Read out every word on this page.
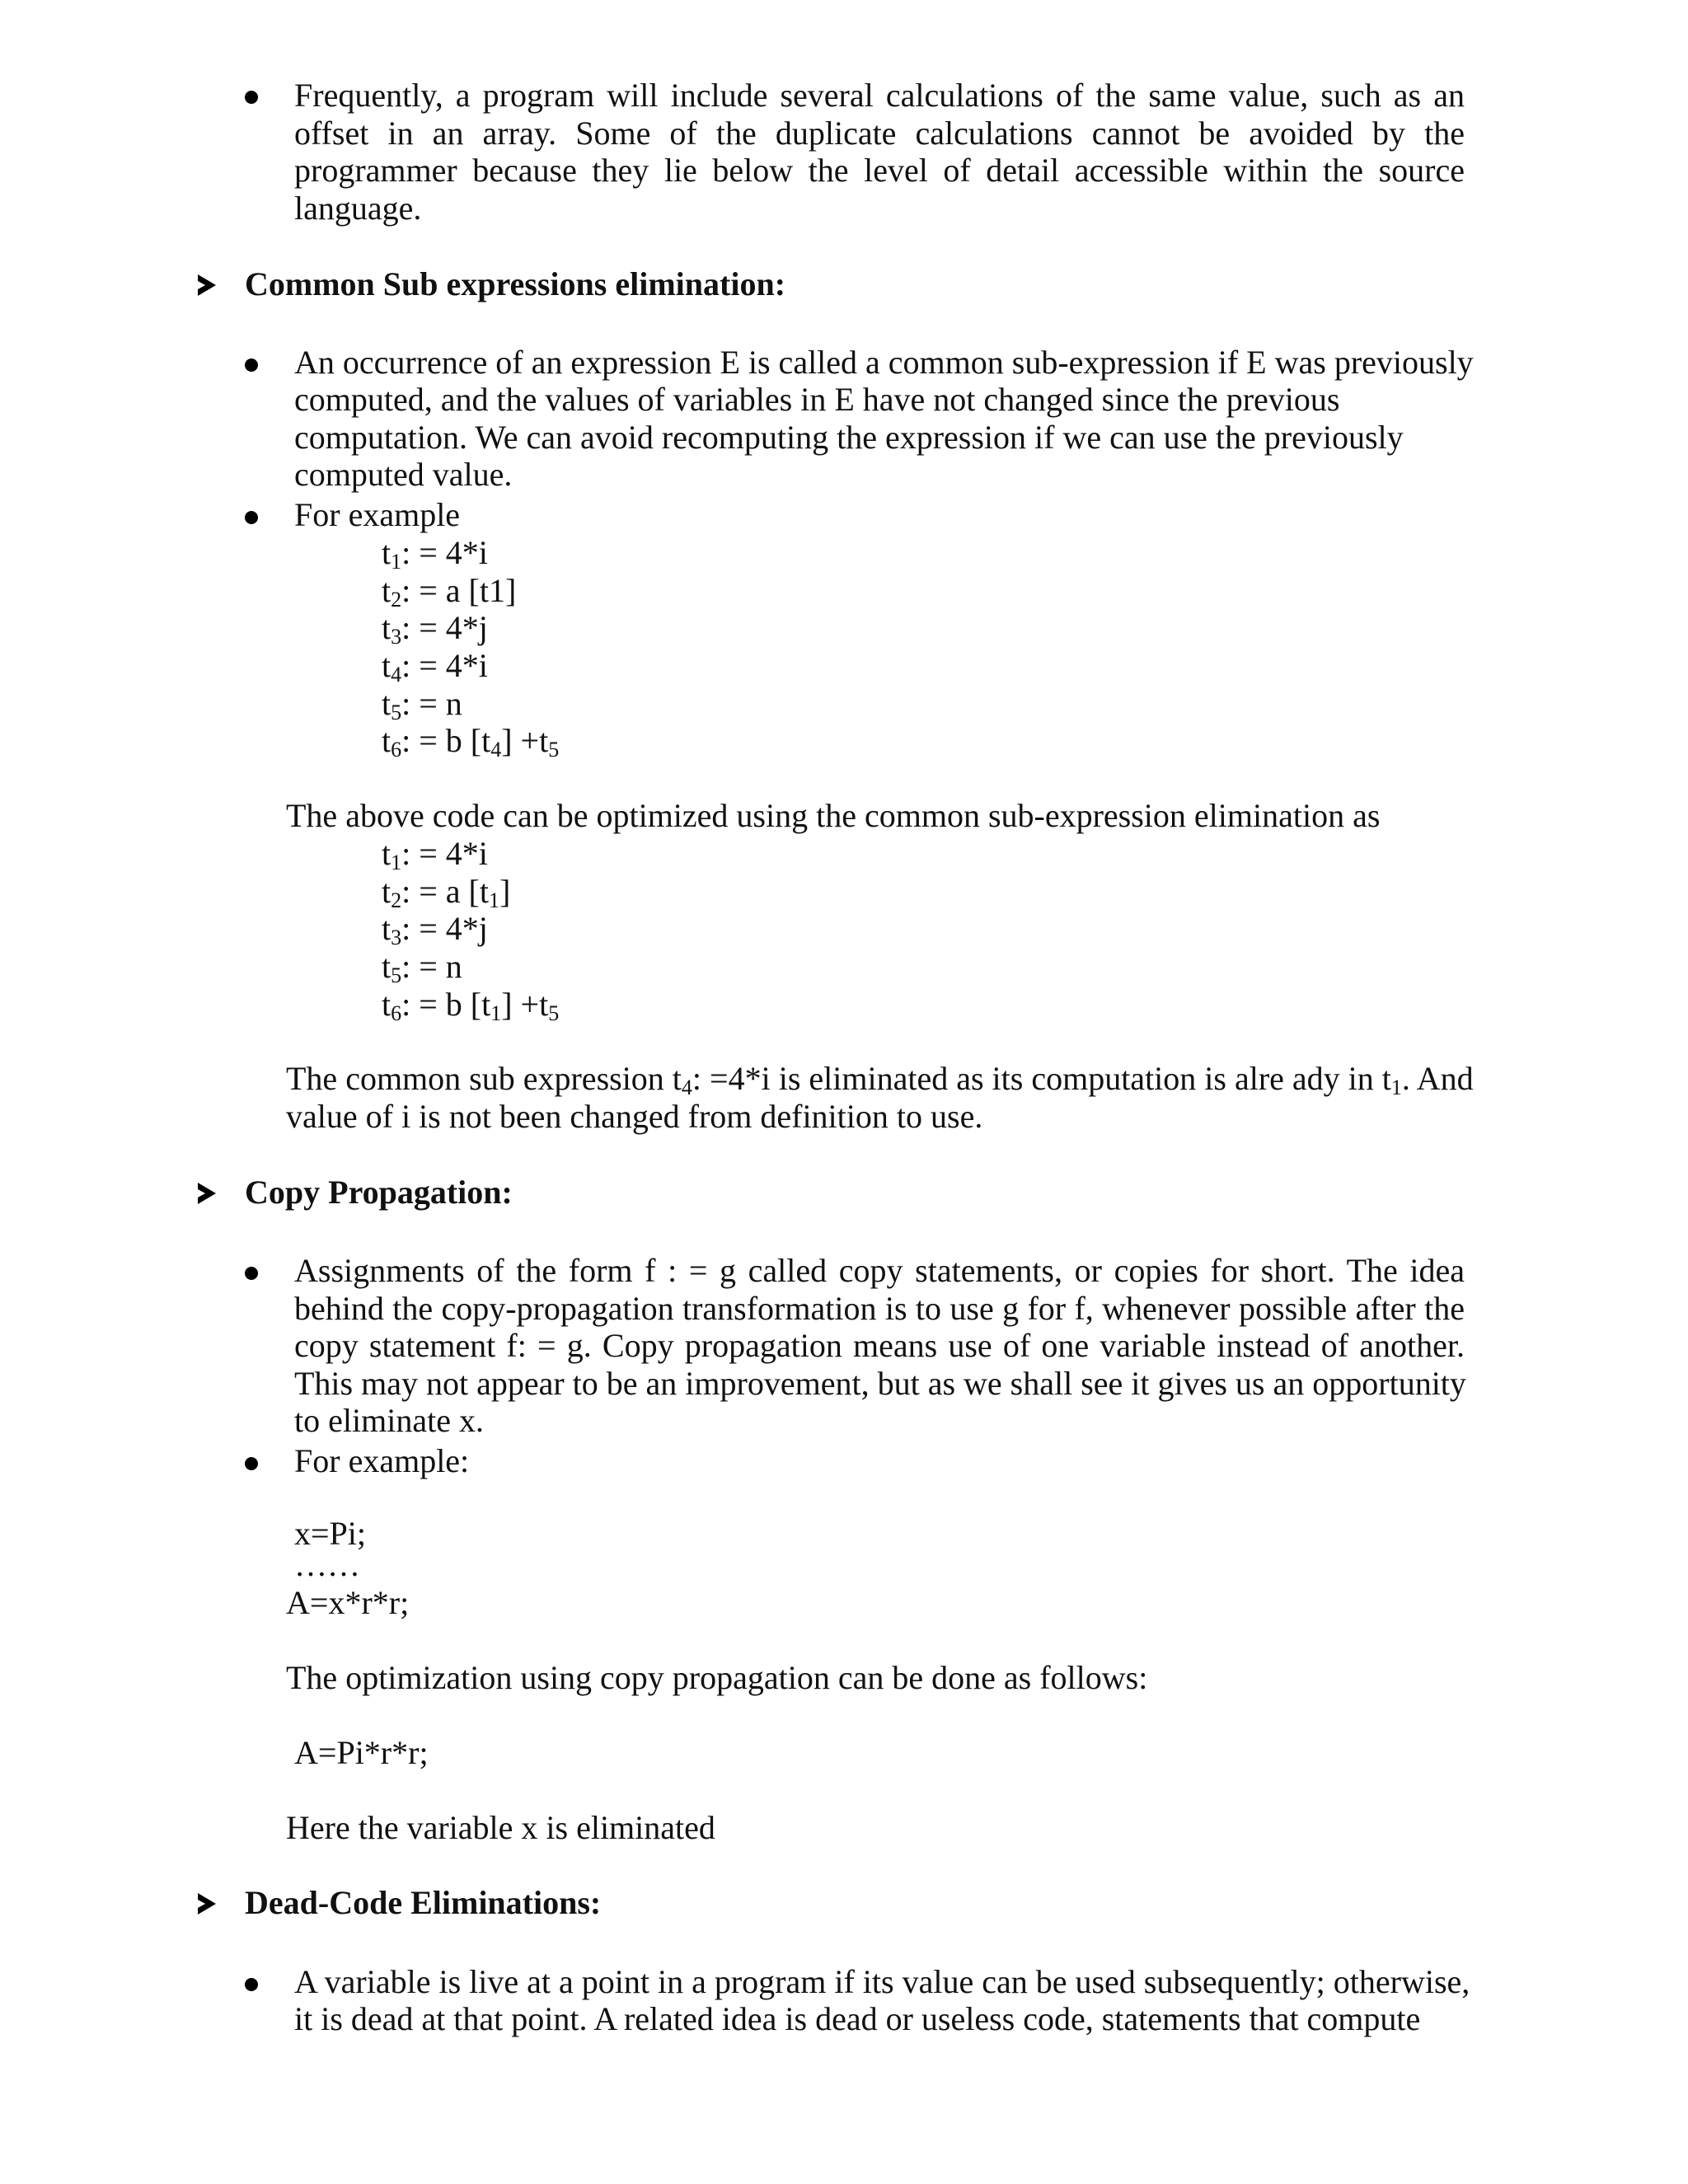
Frequently, a program will include several calculations of the same value, such as an
offset in an array. Some of the duplicate calculations cannot be avoided by the
programmer because they lie below the level of detail accessible within the source
language.
Common Sub expressions elimination:
An occurrence of an expression E is called a common sub-expression if E was previously
computed, and the values of variables in E have not changed since the previous
computation. We can avoid recomputing the expression if we can use the previously
computed value.
For example
$t_1$: = 4*i
$t_2$: = a [t1]
$t_3$: = 4*j
$t_4$: = 4*i
$t_5$: = n
$t_6$: = b $[t_4] +t_5$
The above code can be optimized using the common sub-expression elimination as
$t_1$: = 4*i
$t_2$: = a $[t_1]$
$t_3$: = 4*j
$t_5$: = n
$t_6$: = b $[t_1] +t_5$
The common sub expression $t_4$: =4*i is eliminated as its computation is alre ady in $t_1$. And
value of i is not been changed from definition to use.
Copy Propagation:
Assignments of the form f : = g called copy statements, or copies for short. The idea
behind the copy-propagation transformation is to use g for f, whenever possible after the
copy statement f: = g. Copy propagation means use of one variable instead of another.
This may not appear to be an improvement, but as we shall see it gives us an opportunity
to eliminate x.
For example:
x=Pi;
……
A=x*r*r;
The optimization using copy propagation can be done as follows:
A=Pi*r*r;
Here the variable x is eliminated
Dead-Code Eliminations:
A variable is live at a point in a program if its value can be used subsequently; otherwise,
it is dead at that point. A related idea is dead or useless code, statements that compute
